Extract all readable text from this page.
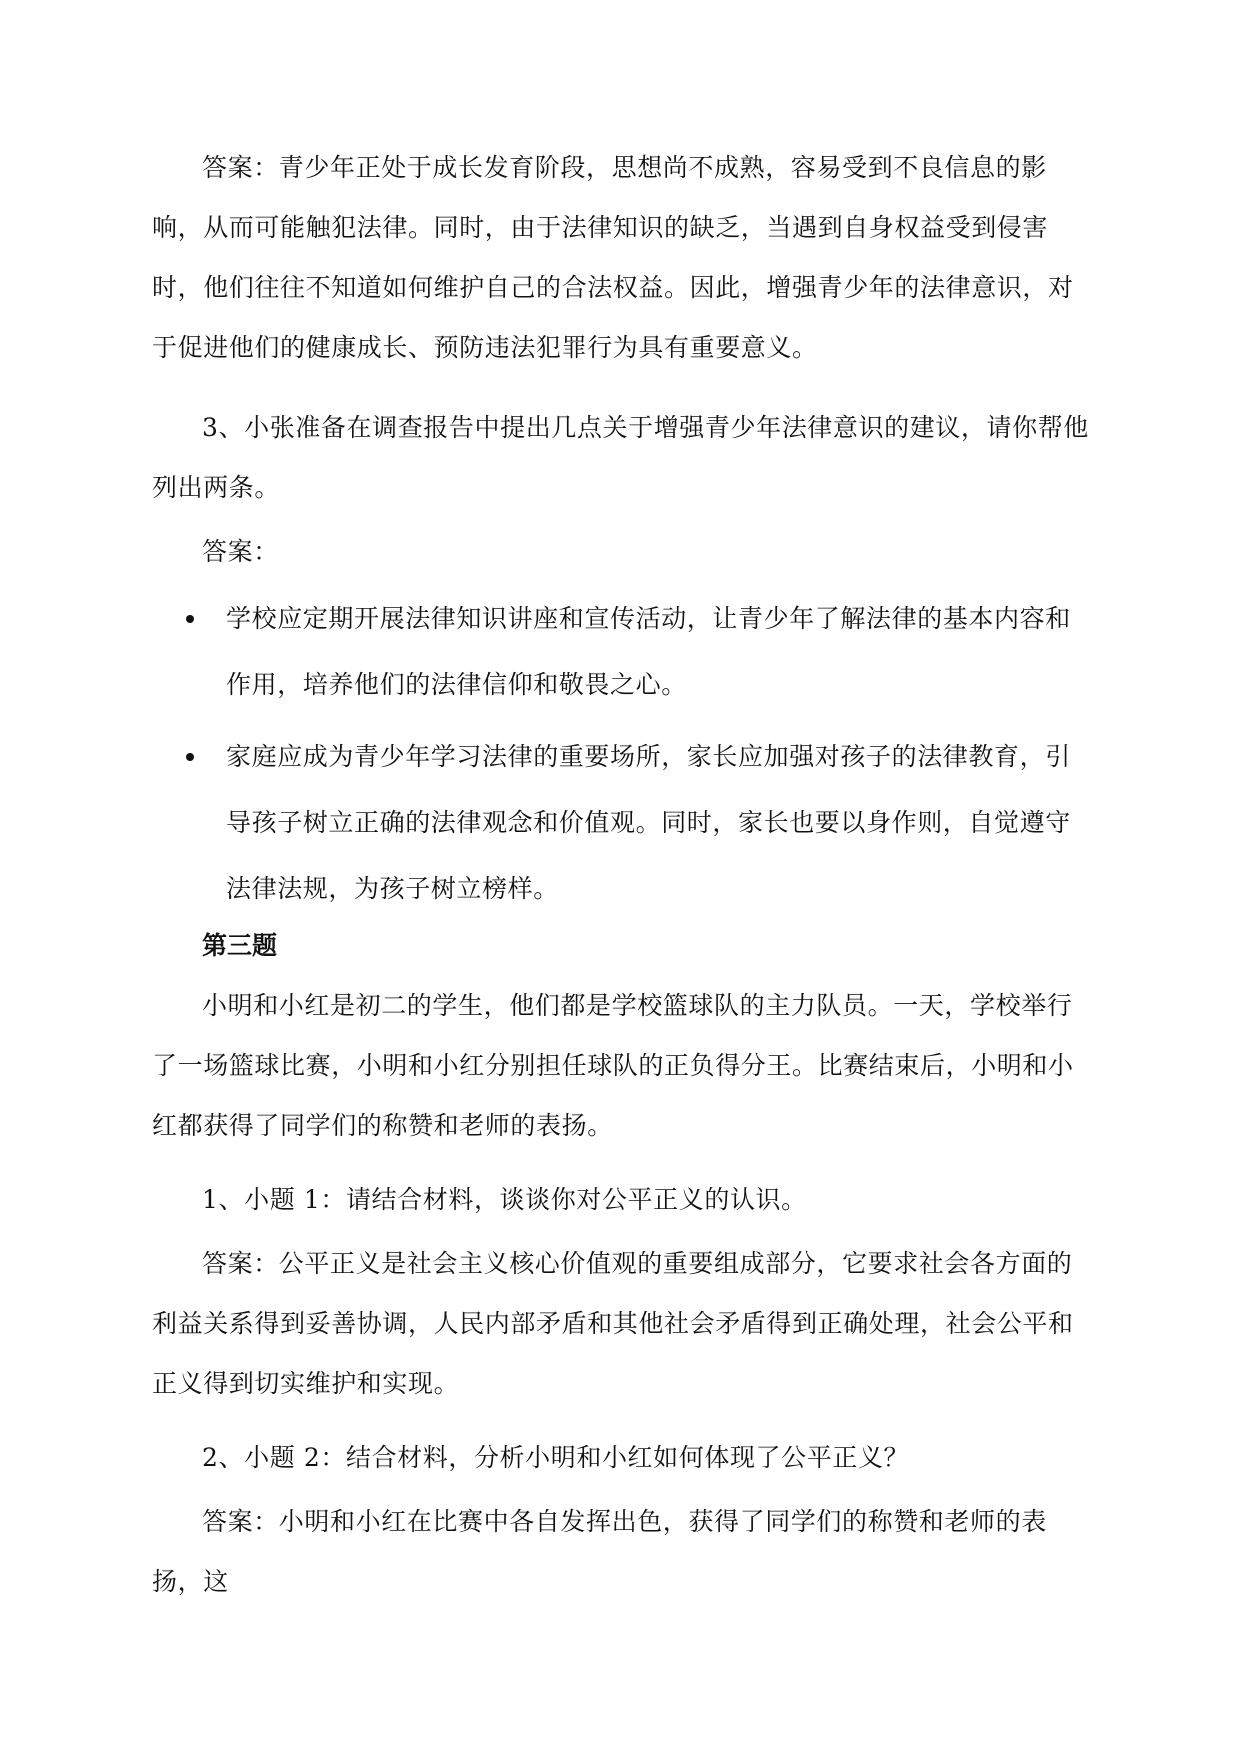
答案：青少年正处于成长发育阶段，思想尚不成熟，容易受到不良信息的影响，从而可能触犯法律。同时，由于法律知识的缺乏，当遇到自身权益受到侵害时，他们往往不知道如何维护自己的合法权益。因此，增强青少年的法律意识，对于促进他们的健康成长、预防违法犯罪行为具有重要意义。

3、小张准备在调查报告中提出几点关于增强青少年法律意识的建议，请你帮他列出两条。

答案：

学校应定期开展法律知识讲座和宣传活动，让青少年了解法律的基本内容和作用，培养他们的法律信仰和敬畏之心。
家庭应成为青少年学习法律的重要场所，家长应加强对孩子的法律教育，引导孩子树立正确的法律观念和价值观。同时，家长也要以身作则，自觉遵守法律法规，为孩子树立榜样。

第三题

小明和小红是初二的学生，他们都是学校篮球队的主力队员。一天，学校举行了一场篮球比赛，小明和小红分别担任球队的正负得分王。比赛结束后，小明和小红都获得了同学们的称赞和老师的表扬。

1、小题 1：请结合材料，谈谈你对公平正义的认识。

答案：公平正义是社会主义核心价值观的重要组成部分，它要求社会各方面的利益关系得到妥善协调，人民内部矛盾和其他社会矛盾得到正确处理，社会公平和正义得到切实维护和实现。

2、小题 2：结合材料，分析小明和小红如何体现了公平正义？

答案：小明和小红在比赛中各自发挥出色，获得了同学们的称赞和老师的表扬，这
